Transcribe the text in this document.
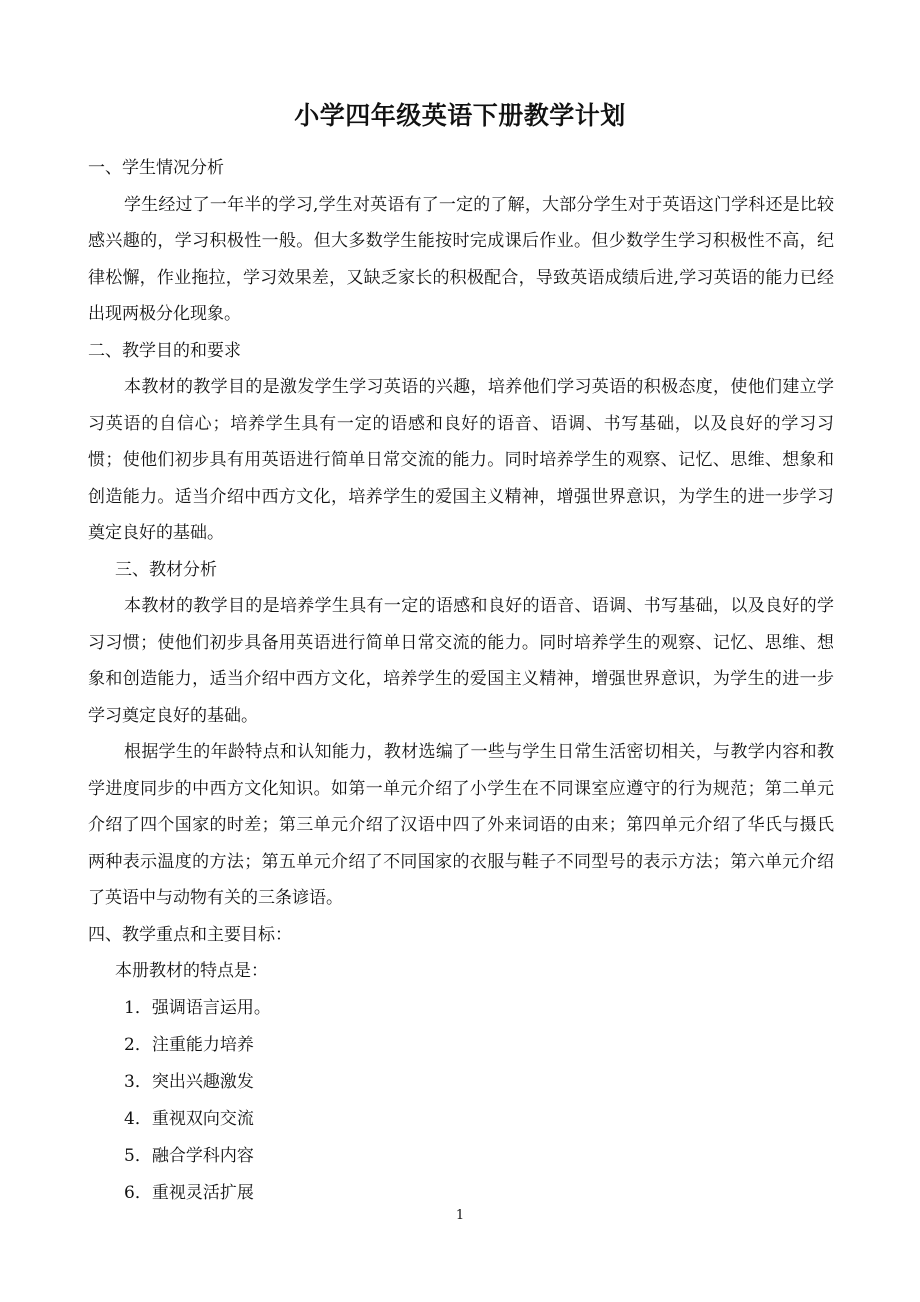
小学四年级英语下册教学计划

一、学生情况分析

学生经过了一年半的学习,学生对英语有了一定的了解，大部分学生对于英语这门学科还是比较感兴趣的，学习积极性一般。但大多数学生能按时完成课后作业。但少数学生学习积极性不高，纪律松懈，作业拖拉，学习效果差，又缺乏家长的积极配合，导致英语成绩后进,学习英语的能力已经出现两极分化现象。

二、教学目的和要求

本教材的教学目的是激发学生学习英语的兴趣，培养他们学习英语的积极态度，使他们建立学习英语的自信心；培养学生具有一定的语感和良好的语音、语调、书写基础，以及良好的学习习惯；使他们初步具有用英语进行简单日常交流的能力。同时培养学生的观察、记忆、思维、想象和创造能力。适当介绍中西方文化，培养学生的爱国主义精神，增强世界意识，为学生的进一步学习奠定良好的基础。

三、教材分析

本教材的教学目的是培养学生具有一定的语感和良好的语音、语调、书写基础，以及良好的学习习惯；使他们初步具备用英语进行简单日常交流的能力。同时培养学生的观察、记忆、思维、想象和创造能力，适当介绍中西方文化，培养学生的爱国主义精神，增强世界意识，为学生的进一步学习奠定良好的基础。

根据学生的年龄特点和认知能力，教材选编了一些与学生日常生活密切相关，与教学内容和教学进度同步的中西方文化知识。如第一单元介绍了小学生在不同课室应遵守的行为规范；第二单元介绍了四个国家的时差；第三单元介绍了汉语中四了外来词语的由来；第四单元介绍了华氏与摄氏两种表示温度的方法；第五单元介绍了不同国家的衣服与鞋子不同型号的表示方法；第六单元介绍了英语中与动物有关的三条谚语。

四、教学重点和主要目标：

本册教材的特点是：

1．强调语言运用。
2．注重能力培养
3．突出兴趣激发
4．重视双向交流
5．融合学科内容
6．重视灵活扩展
1
